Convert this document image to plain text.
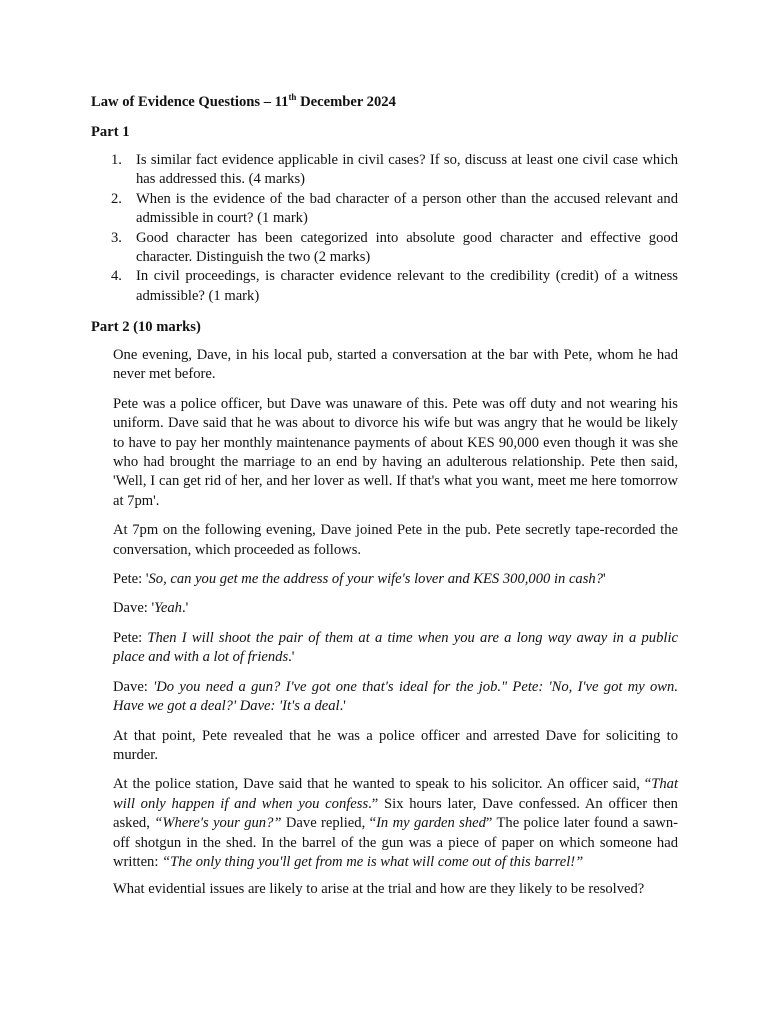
Law of Evidence Questions – 11th December 2024
Part 1
1. Is similar fact evidence applicable in civil cases? If so, discuss at least one civil case which has addressed this. (4 marks)
2. When is the evidence of the bad character of a person other than the accused relevant and admissible in court? (1 mark)
3. Good character has been categorized into absolute good character and effective good character. Distinguish the two (2 marks)
4. In civil proceedings, is character evidence relevant to the credibility (credit) of a witness admissible? (1 mark)
Part 2 (10 marks)

One evening, Dave, in his local pub, started a conversation at the bar with Pete, whom he had never met before.

Pete was a police officer, but Dave was unaware of this. Pete was off duty and not wearing his uniform. Dave said that he was about to divorce his wife but was angry that he would be likely to have to pay her monthly maintenance payments of about KES 90,000 even though it was she who had brought the marriage to an end by having an adulterous relationship. Pete then said, 'Well, I can get rid of her, and her lover as well. If that's what you want, meet me here tomorrow at 7pm'.

At 7pm on the following evening, Dave joined Pete in the pub. Pete secretly tape-recorded the conversation, which proceeded as follows.

Pete: 'So, can you get me the address of your wife's lover and KES 300,000 in cash?'

Dave: 'Yeah.'

Pete: Then I will shoot the pair of them at a time when you are a long way away in a public place and with a lot of friends.'

Dave: 'Do you need a gun? I've got one that's ideal for the job." Pete: 'No, I've got my own. Have we got a deal?' Dave: 'It's a deal.'

At that point, Pete revealed that he was a police officer and arrested Dave for soliciting to murder.

At the police station, Dave said that he wanted to speak to his solicitor. An officer said, “That will only happen if and when you confess.” Six hours later, Dave confessed. An officer then asked, “Where's your gun?” Dave replied, “In my garden shed” The police later found a sawn-off shotgun in the shed. In the barrel of the gun was a piece of paper on which someone had written: “The only thing you'll get from me is what will come out of this barrel!”

What evidential issues are likely to arise at the trial and how are they likely to be resolved?
